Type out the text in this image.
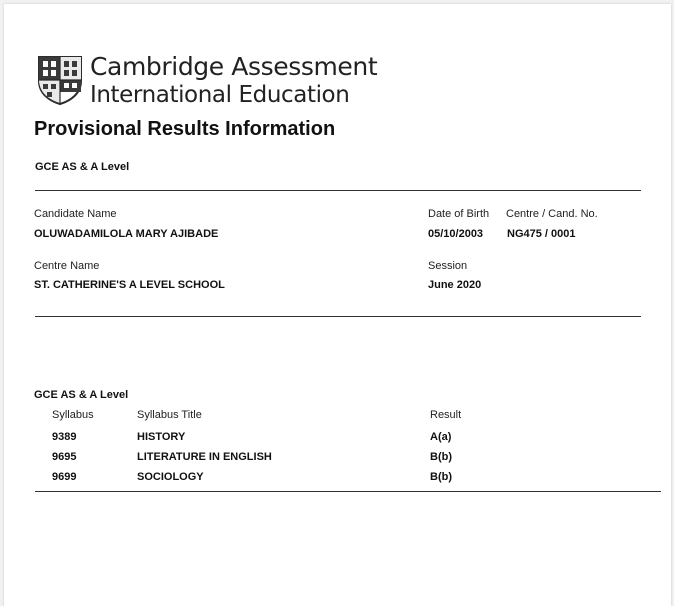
Cambridge Assessment
International Education
Provisional Results Information
GCE AS & A Level
Candidate Name
OLUWADAMILOLA MARY AJIBADE
Date of Birth
05/10/2003
Centre / Cand. No.
NG475 / 0001
Centre Name
ST. CATHERINE'S A LEVEL SCHOOL
Session
June 2020
GCE AS & A Level
Syllabus	Syllabus Title	Result
9389	HISTORY	A(a)
9695	LITERATURE IN ENGLISH	B(b)
9699	SOCIOLOGY	B(b)
